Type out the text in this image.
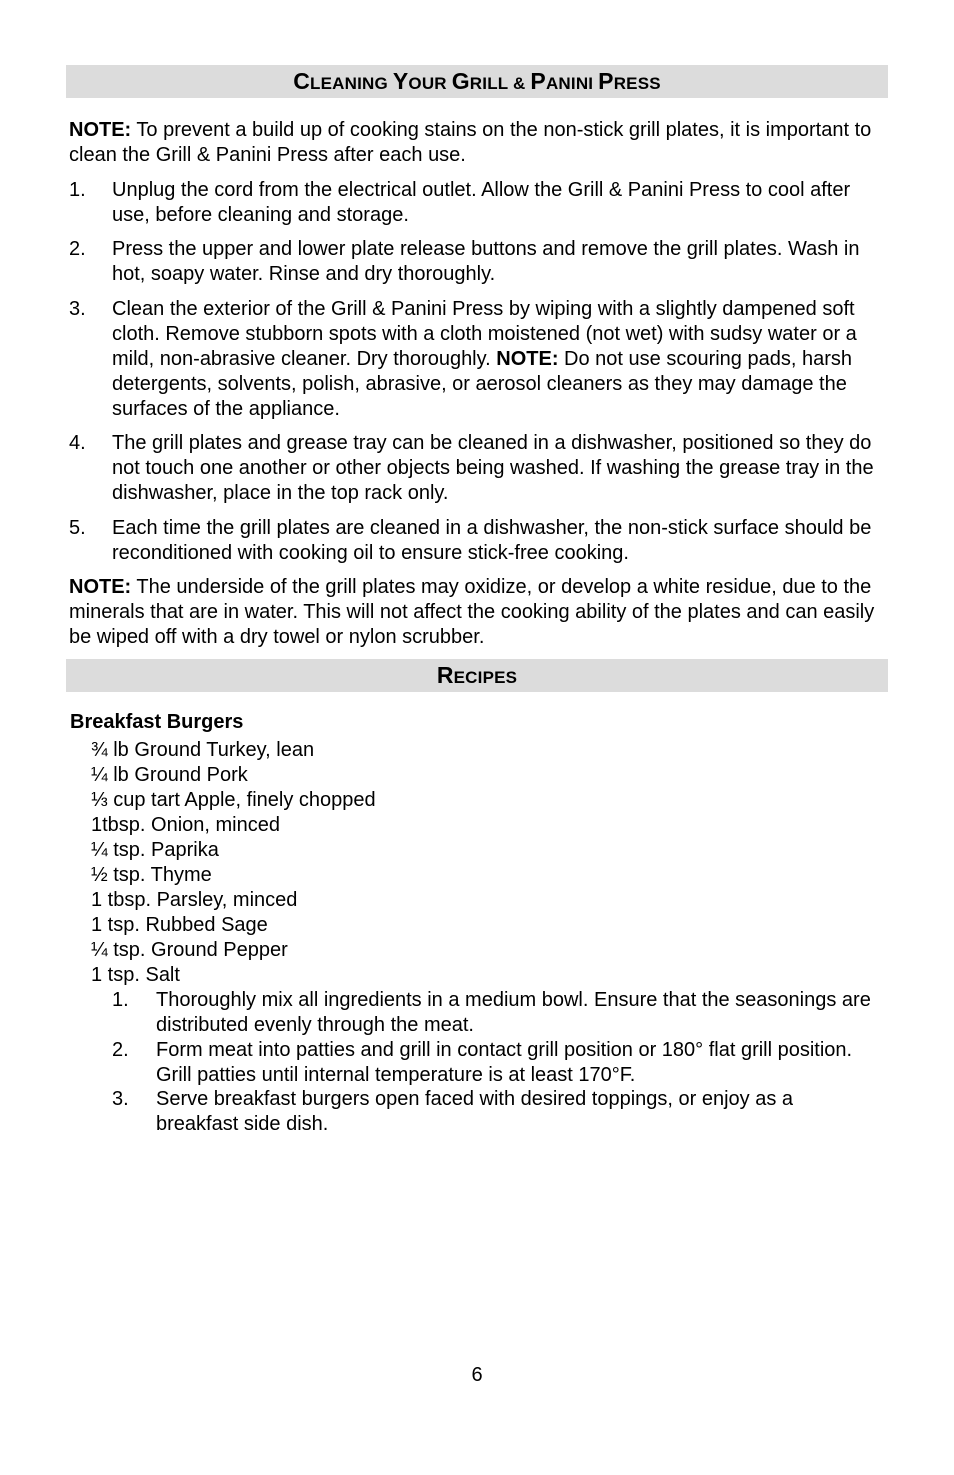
CLEANING YOUR GRILL & PANINI PRESS
NOTE: To prevent a build up of cooking stains on the non-stick grill plates, it is important to clean the Grill & Panini Press after each use.
1. Unplug the cord from the electrical outlet. Allow the Grill & Panini Press to cool after use, before cleaning and storage.
2. Press the upper and lower plate release buttons and remove the grill plates. Wash in hot, soapy water. Rinse and dry thoroughly.
3. Clean the exterior of the Grill & Panini Press by wiping with a slightly dampened soft cloth. Remove stubborn spots with a cloth moistened (not wet) with sudsy water or a mild, non-abrasive cleaner. Dry thoroughly. NOTE: Do not use scouring pads, harsh detergents, solvents, polish, abrasive, or aerosol cleaners as they may damage the surfaces of the appliance.
4. The grill plates and grease tray can be cleaned in a dishwasher, positioned so they do not touch one another or other objects being washed. If washing the grease tray in the dishwasher, place in the top rack only.
5. Each time the grill plates are cleaned in a dishwasher, the non-stick surface should be reconditioned with cooking oil to ensure stick-free cooking.
NOTE: The underside of the grill plates may oxidize, or develop a white residue, due to the minerals that are in water. This will not affect the cooking ability of the plates and can easily be wiped off with a dry towel or nylon scrubber.
RECIPES
Breakfast Burgers
¾ lb Ground Turkey, lean
¼ lb Ground Pork
⅓ cup tart Apple, finely chopped
1tbsp. Onion, minced
¼ tsp. Paprika
½ tsp. Thyme
1 tbsp. Parsley, minced
1 tsp. Rubbed Sage
¼ tsp. Ground Pepper
1 tsp. Salt
1. Thoroughly mix all ingredients in a medium bowl. Ensure that the seasonings are distributed evenly through the meat.
2. Form meat into patties and grill in contact grill position or 180° flat grill position. Grill patties until internal temperature is at least 170°F.
3. Serve breakfast burgers open faced with desired toppings, or enjoy as a breakfast side dish.
6
